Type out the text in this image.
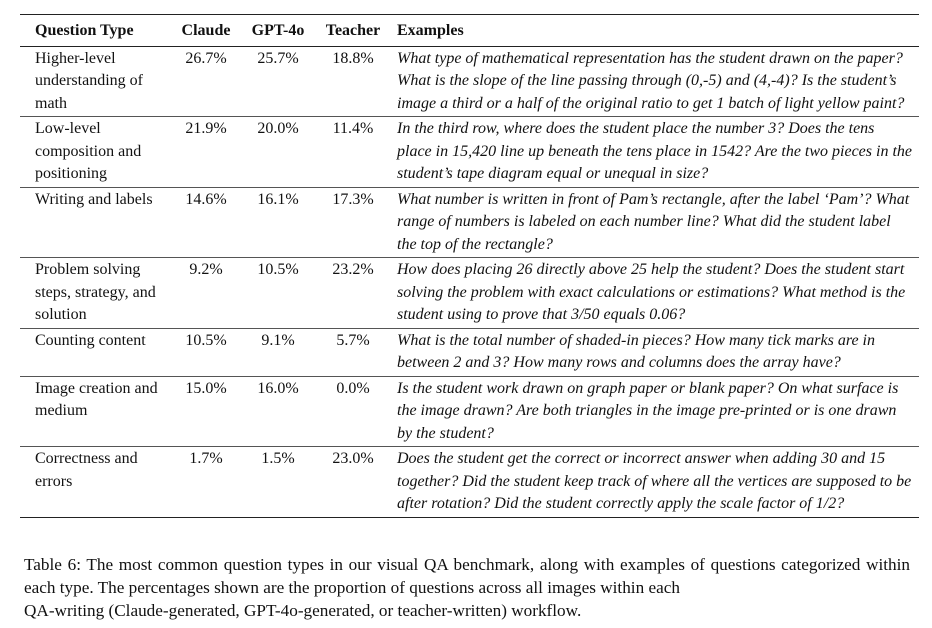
Question Type	Claude	GPT-4o	Teacher	Examples
Higher-level understanding of math	26.7%	25.7%	18.8%	What type of mathematical representation has the student drawn on the paper? What is the slope of the line passing through (0,-5) and (4,-4)? Is the student’s image a third or a half of the original ratio to get 1 batch of light yellow paint?
Low-level composition and positioning	21.9%	20.0%	11.4%	In the third row, where does the student place the number 3? Does the tens place in 15,420 line up beneath the tens place in 1542? Are the two pieces in the student’s tape diagram equal or unequal in size?
Writing and labels	14.6%	16.1%	17.3%	What number is written in front of Pam’s rectangle, after the label ‘Pam’? What range of numbers is labeled on each number line? What did the student label the top of the rectangle?
Problem solving steps, strategy, and solution	9.2%	10.5%	23.2%	How does placing 26 directly above 25 help the student? Does the student start solving the problem with exact calculations or estimations? What method is the student using to prove that 3/50 equals 0.06?
Counting content	10.5%	9.1%	5.7%	What is the total number of shaded-in pieces? How many tick marks are in between 2 and 3? How many rows and columns does the array have?
Image creation and medium	15.0%	16.0%	0.0%	Is the student work drawn on graph paper or blank paper? On what surface is the image drawn? Are both triangles in the image pre-printed or is one drawn by the student?
Correctness and errors	1.7%	1.5%	23.0%	Does the student get the correct or incorrect answer when adding 30 and 15 together? Did the student keep track of where all the vertices are supposed to be after rotation? Did the student correctly apply the scale factor of 1/2?
Table 6: The most common question types in our visual QA benchmark, along with examples of questions categorized within each type. The percentages shown are the proportion of questions across all images within each
QA-writing (Claude-generated, GPT-4o-generated, or teacher-written) workflow.
